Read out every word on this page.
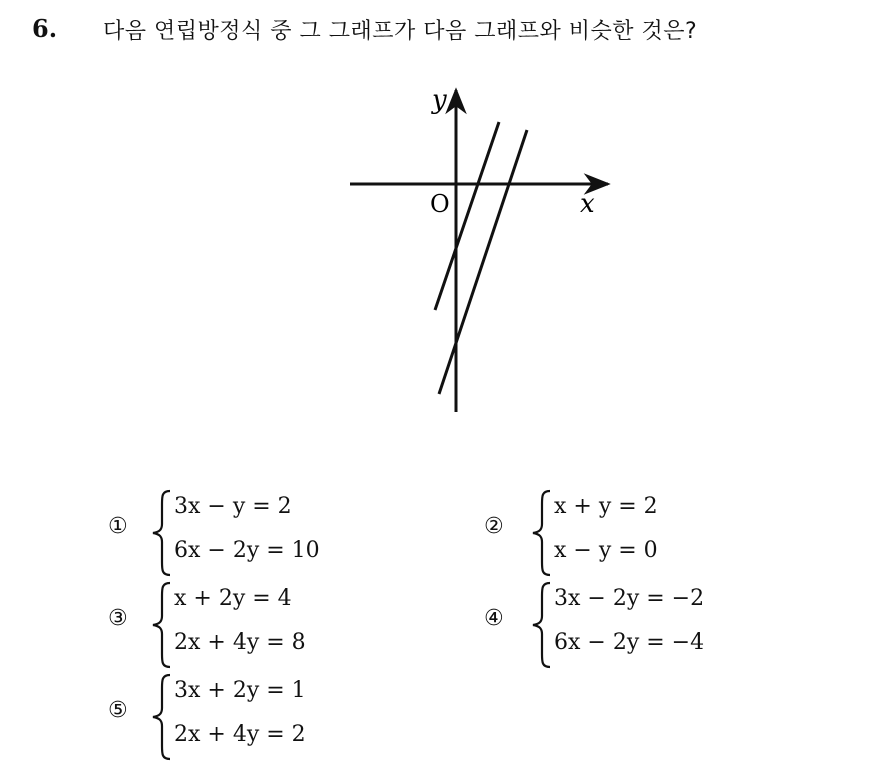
6. 다음 연립방정식 중 그 그래프가 다음 그래프와 비슷한 것은?
y
O	x
①
3x − y = 2
6x − 2y = 10
②
x + y = 2
x − y = 0
③
x + 2y = 4
2x + 4y = 8
④
3x − 2y = −2
6x − 2y = −4
⑤
3x + 2y = 1
2x + 4y = 2
